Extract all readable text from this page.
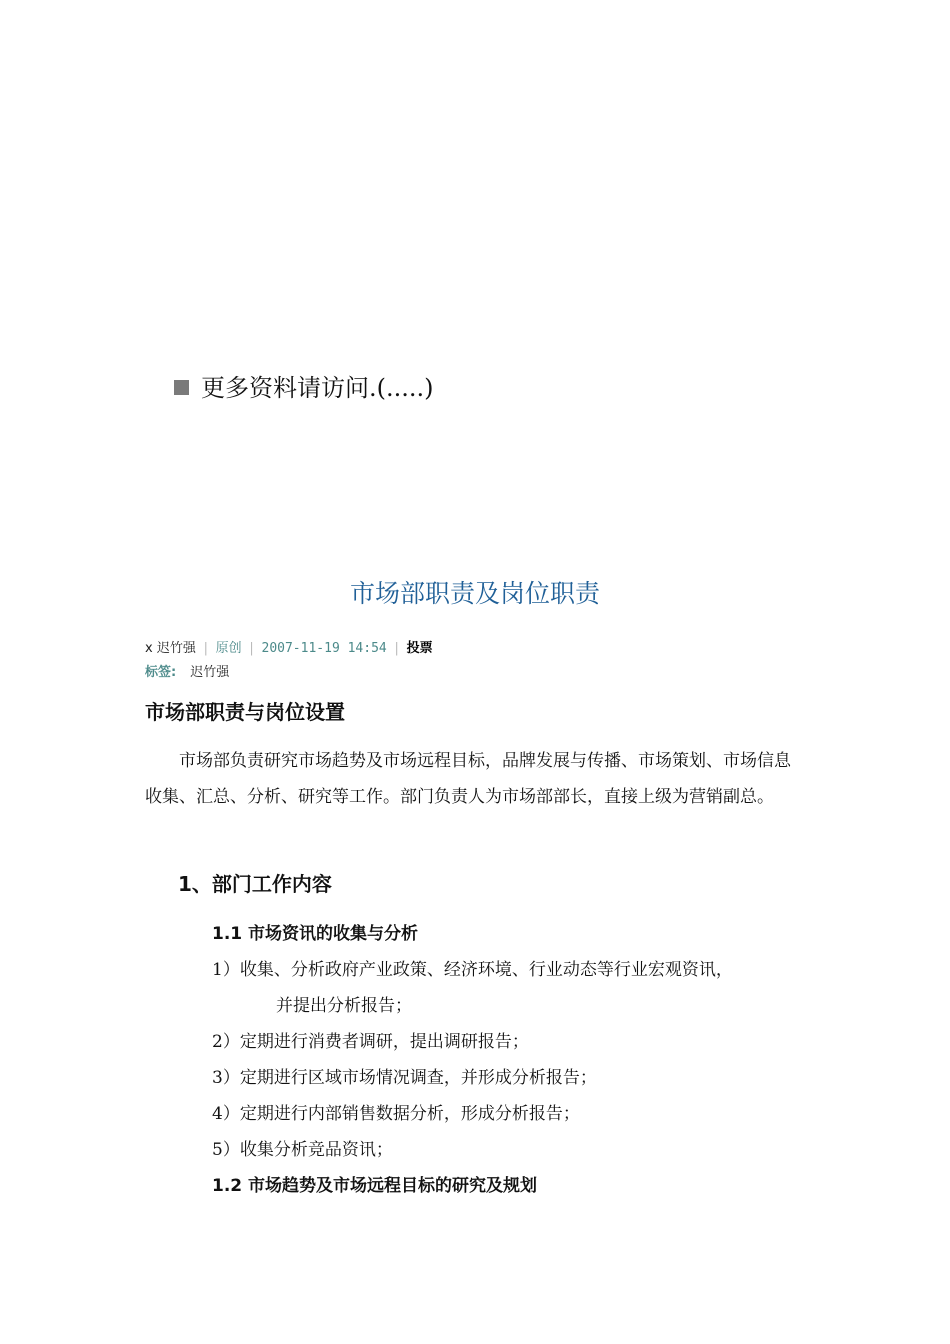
更多资料请访问.(.....)
市场部职责及岗位职责
x 迟竹强 | 原创 | 2007-11-19 14:54 | 投票
标签: 迟竹强
市场部职责与岗位设置
市场部负责研究市场趋势及市场远程目标，品牌发展与传播、市场策划、市场信息收集、汇总、分析、研究等工作。部门负责人为市场部部长，直接上级为营销副总。
1、部门工作内容
1.1 市场资讯的收集与分析
1）收集、分析政府产业政策、经济环境、行业动态等行业宏观资讯，
并提出分析报告；
2）定期进行消费者调研，提出调研报告；
3）定期进行区域市场情况调查，并形成分析报告；
4）定期进行内部销售数据分析，形成分析报告；
5）收集分析竞品资讯；
1.2 市场趋势及市场远程目标的研究及规划
